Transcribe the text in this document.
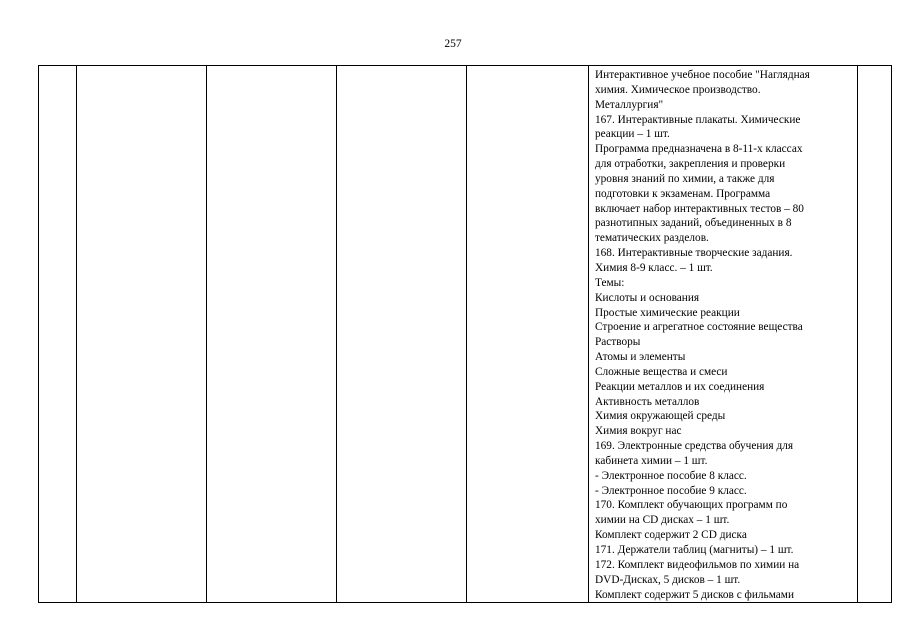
257

Интерактивное учебное пособие "Наглядная
химия. Химическое производство.
Металлургия"
167. Интерактивные плакаты. Химические
реакции – 1 шт.
Программа предназначена в 8-11-х классах
для отработки, закрепления и проверки
уровня знаний по химии, а также для
подготовки к экзаменам. Программа
включает набор интерактивных тестов – 80
разнотипных заданий, объединенных в 8
тематических разделов.
168. Интерактивные творческие задания.
Химия 8-9 класс. – 1 шт.
Темы:
Кислоты и основания
Простые химические реакции
Строение и агрегатное состояние вещества
Растворы
Атомы и элементы
Сложные вещества и смеси
Реакции металлов и их соединения
Активность металлов
Химия окружающей среды
Химия вокруг нас
169. Электронные средства обучения для
кабинета химии – 1 шт.
- Электронное пособие 8 класс.
- Электронное пособие 9 класс.
170. Комплект обучающих программ по
химии на CD дисках – 1 шт.
Комплект содержит 2 CD диска
171. Держатели таблиц (магниты) – 1 шт.
172. Комплект видеофильмов по химии на
DVD-Дисках, 5 дисков – 1 шт.
Комплект содержит 5 дисков с фильмами
